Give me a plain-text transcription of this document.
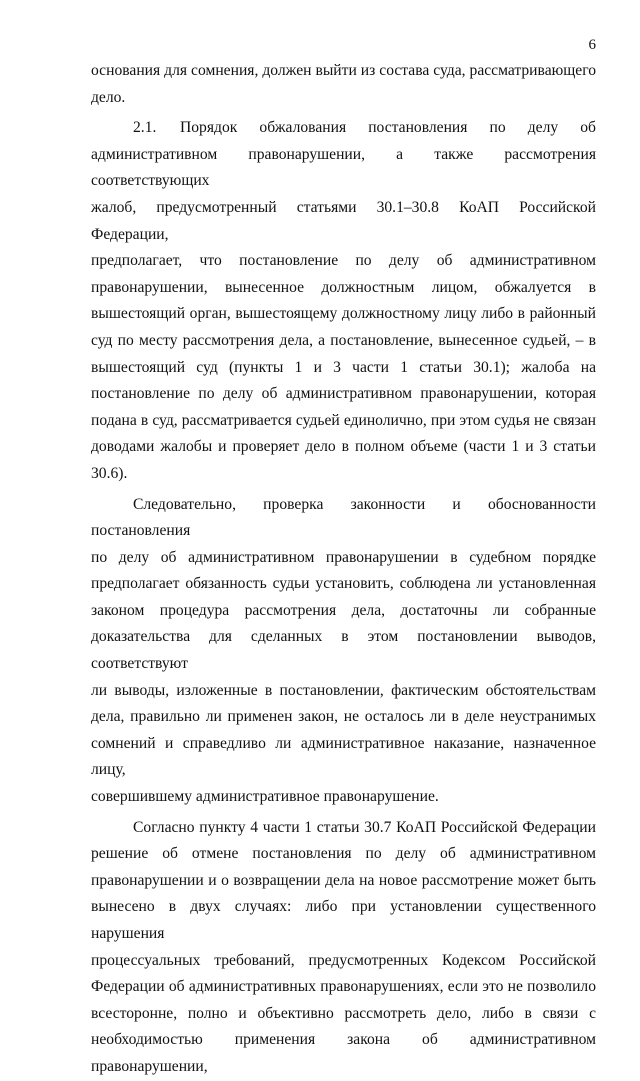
6

основания для сомнения, должен выйти из состава суда, рассматривающего

дело.

2.1. Порядок обжалования постановления по делу об

административном правонарушении, а также рассмотрения соответствующих

жалоб, предусмотренный статьями 30.1–30.8 КоАП Российской Федерации,

предполагает, что постановление по делу об административном

правонарушении, вынесенное должностным лицом, обжалуется в

вышестоящий орган, вышестоящему должностному лицу либо в районный

суд по месту рассмотрения дела, а постановление, вынесенное судьей, – в

вышестоящий суд (пункты 1 и 3 части 1 статьи 30.1); жалоба на

постановление по делу об административном правонарушении, которая

подана в суд, рассматривается судьей единолично, при этом судья не связан

доводами жалобы и проверяет дело в полном объеме (части 1 и 3 статьи

30.6).

Следовательно, проверка законности и обоснованности постановления

по делу об административном правонарушении в судебном порядке

предполагает обязанность судьи установить, соблюдена ли установленная

законом процедура рассмотрения дела, достаточны ли собранные

доказательства для сделанных в этом постановлении выводов, соответствуют

ли выводы, изложенные в постановлении, фактическим обстоятельствам

дела, правильно ли применен закон, не осталось ли в деле неустранимых

сомнений и справедливо ли административное наказание, назначенное лицу,

совершившему административное правонарушение.

Согласно пункту 4 части 1 статьи 30.7 КоАП Российской Федерации

решение об отмене постановления по делу об административном

правонарушении и о возвращении дела на новое рассмотрение может быть

вынесено в двух случаях: либо при установлении существенного нарушения

процессуальных требований, предусмотренных Кодексом Российской

Федерации об административных правонарушениях, если это не позволило

всесторонне, полно и объективно рассмотреть дело, либо в связи с

необходимостью применения закона об административном правонарушении,
